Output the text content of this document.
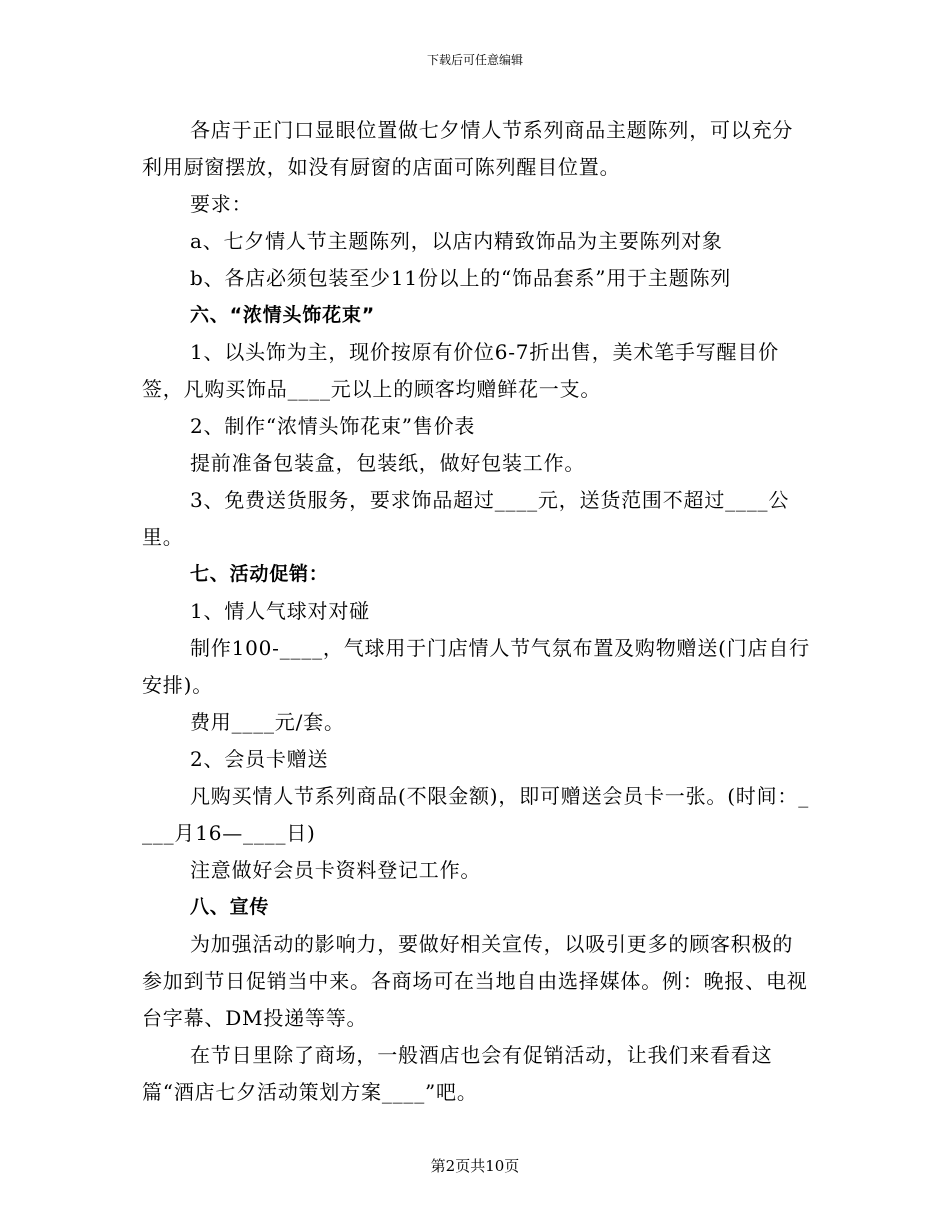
下载后可任意编辑

各店于正门口显眼位置做七夕情人节系列商品主题陈列，可以充分利用厨窗摆放，如没有厨窗的店面可陈列醒目位置。

要求：

a、七夕情人节主题陈列，以店内精致饰品为主要陈列对象

b、各店必须包装至少11份以上的“饰品套系”用于主题陈列

六、“浓情头饰花束”

1、以头饰为主，现价按原有价位6-7折出售，美术笔手写醒目价签，凡购买饰品____元以上的顾客均赠鲜花一支。

2、制作“浓情头饰花束”售价表

提前准备包装盒，包装纸，做好包装工作。

3、免费送货服务，要求饰品超过____元，送货范围不超过____公里。

七、活动促销：

1、情人气球对对碰

制作100-____，气球用于门店情人节气氛布置及购物赠送(门店自行安排)。

费用____元/套。

2、会员卡赠送

凡购买情人节系列商品(不限金额)，即可赠送会员卡一张。(时间：____月16—____日)

注意做好会员卡资料登记工作。

八、宣传

为加强活动的影响力，要做好相关宣传，以吸引更多的顾客积极的参加到节日促销当中来。各商场可在当地自由选择媒体。例：晚报、电视台字幕、DM投递等等。

在节日里除了商场，一般酒店也会有促销活动，让我们来看看这篇“酒店七夕活动策划方案____”吧。

第2页共10页
